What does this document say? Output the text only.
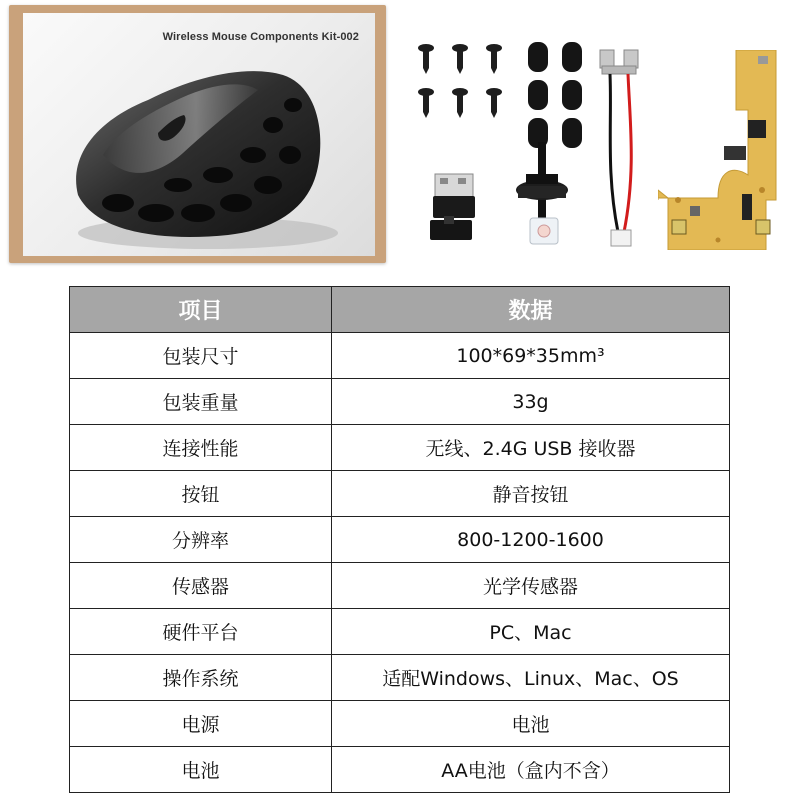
Wireless Mouse Components Kit-002
项目	数据
包装尺寸	100*69*35mm³
包装重量	33g
连接性能	无线、2.4G USB 接收器
按钮	静音按钮
分辨率	800-1200-1600
传感器	光学传感器
硬件平台	PC、Mac
操作系统	适配Windows、Linux、Mac、OS
电源	电池
电池	AA电池（盒内不含）
